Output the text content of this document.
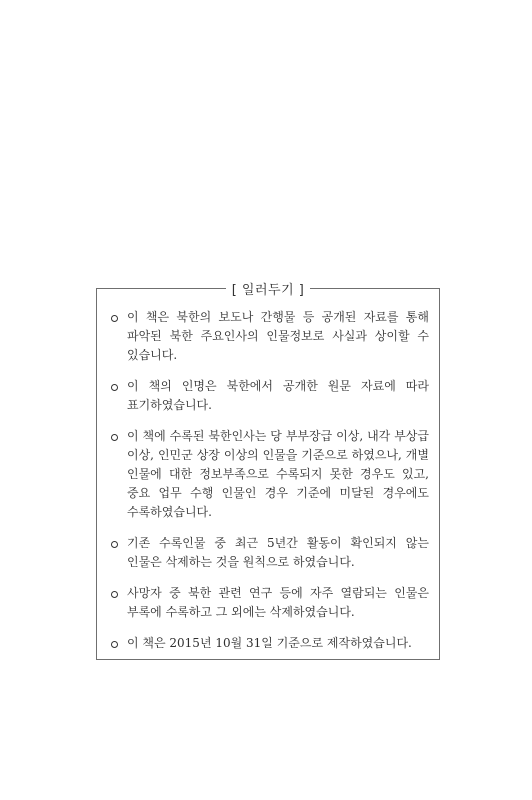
[ 일러두기 ]
이 책은 북한의 보도나 간행물 등 공개된 자료를 통해 파악된 북한 주요인사의 인물정보로 사실과 상이할 수 있습니다.
이 책의 인명은 북한에서 공개한 원문 자료에 따라 표기하였습니다.
이 책에 수록된 북한인사는 당 부부장급 이상, 내각 부상급 이상, 인민군 상장 이상의 인물을 기준으로 하였으나, 개별 인물에 대한 정보부족으로 수록되지 못한 경우도 있고, 중요 업무 수행 인물인 경우 기준에 미달된 경우에도 수록하였습니다.
기존 수록인물 중 최근 5년간 활동이 확인되지 않는 인물은 삭제하는 것을 원칙으로 하였습니다.
사망자 중 북한 관련 연구 등에 자주 열람되는 인물은 부록에 수록하고 그 외에는 삭제하였습니다.
이 책은 2015년 10월 31일 기준으로 제작하였습니다.
